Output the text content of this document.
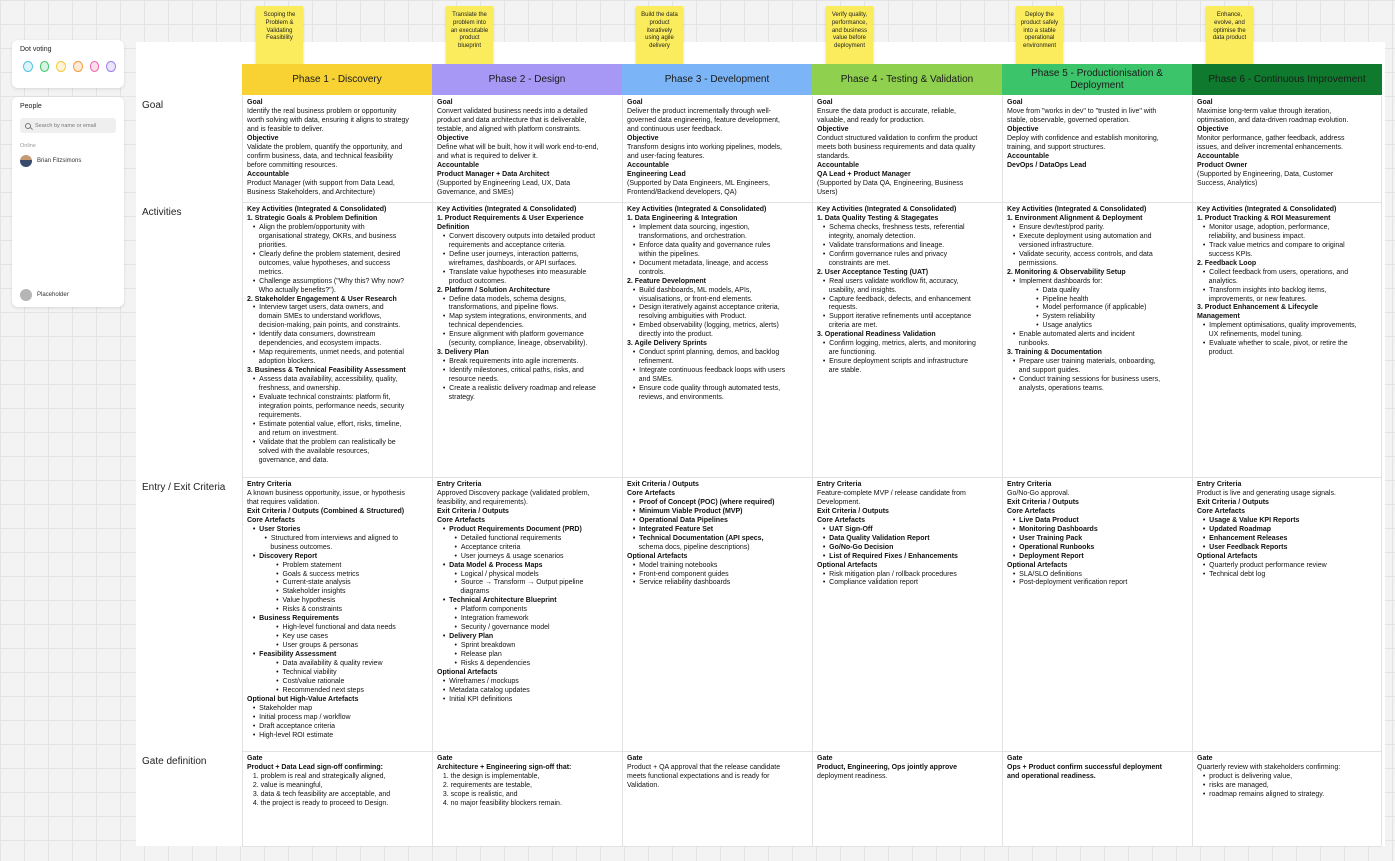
Dot voting
People
Search by name or email
Online
Brian Fitzsimons
Placeholder
Goal
Activities
Entry / Exit Criteria
Gate definition
Scoping the Problem & Validating Feasibility
Phase 1 - Discovery
Goal
Identify the real business problem or opportunity
worth solving with data, ensuring it aligns to strategy
and is feasible to deliver.
Objective
Validate the problem, quantify the opportunity, and
confirm business, data, and technical feasibility
before committing resources.
Accountable
Product Manager (with support from Data Lead,
Business Stakeholders, and Architecture)
Key Activities (Integrated & Consolidated)
1. Strategic Goals & Problem Definition
•  Align the problem/opportunity with
organisational strategy, OKRs, and business
priorities.
•  Clearly define the problem statement, desired
outcomes, value hypotheses, and success
metrics.
•  Challenge assumptions ("Why this? Why now?
Who actually benefits?").
2. Stakeholder Engagement & User Research
•  Interview target users, data owners, and
domain SMEs to understand workflows,
decision-making, pain points, and constraints.
•  Identify data consumers, downstream
dependencies, and ecosystem impacts.
•  Map requirements, unmet needs, and potential
adoption blockers.
3. Business & Technical Feasibility Assessment
•  Assess data availability, accessibility, quality,
freshness, and ownership.
•  Evaluate technical constraints: platform fit,
integration points, performance needs, security
requirements.
•  Estimate potential value, effort, risks, timeline,
and return on investment.
•  Validate that the problem can realistically be
solved with the available resources,
governance, and data.
Entry Criteria
A known business opportunity, issue, or hypothesis
that requires validation.
Exit Criteria / Outputs (Combined & Structured)
Core Artefacts
•  User Stories
•  Structured from interviews and aligned to
business outcomes.
•  Discovery Report
•  Problem statement
•  Goals & success metrics
•  Current-state analysis
•  Stakeholder insights
•  Value hypothesis
•  Risks & constraints
•  Business Requirements
•  High-level functional and data needs
•  Key use cases
•  User groups & personas
•  Feasibility Assessment
•  Data availability & quality review
•  Technical viability
•  Cost/value rationale
•  Recommended next steps
Optional but High-Value Artefacts
•  Stakeholder map
•  Initial process map / workflow
•  Draft acceptance criteria
•  High-level ROI estimate
Gate
Product + Data Lead sign-off confirming:
1. problem is real and strategically aligned,
2. value is meaningful,
3. data & tech feasibility are acceptable, and
4. the project is ready to proceed to Design.
Translate the problem into an executable product blueprint
Phase 2 - Design
Goal
Convert validated business needs into a detailed
product and data architecture that is deliverable,
testable, and aligned with platform constraints.
Objective
Define what will be built, how it will work end-to-end,
and what is required to deliver it.
Accountable
Product Manager + Data Architect
(Supported by Engineering Lead, UX, Data
Governance, and SMEs)
Key Activities (Integrated & Consolidated)
1. Product Requirements & User Experience
Definition
•  Convert discovery outputs into detailed product
requirements and acceptance criteria.
•  Define user journeys, interaction patterns,
wireframes, dashboards, or API surfaces.
•  Translate value hypotheses into measurable
product outcomes.
2. Platform / Solution Architecture
•  Define data models, schema designs,
transformations, and pipeline flows.
•  Map system integrations, environments, and
technical dependencies.
•  Ensure alignment with platform governance
(security, compliance, lineage, observability).
3. Delivery Plan
•  Break requirements into agile increments.
•  Identify milestones, critical paths, risks, and
resource needs.
•  Create a realistic delivery roadmap and release
strategy.
Entry Criteria
Approved Discovery package (validated problem,
feasibility, and requirements).
Exit Criteria / Outputs
Core Artefacts
•  Product Requirements Document (PRD)
•  Detailed functional requirements
•  Acceptance criteria
•  User journeys & usage scenarios
•  Data Model & Process Maps
•  Logical / physical models
•  Source → Transform → Output pipeline
diagrams
•  Technical Architecture Blueprint
•  Platform components
•  Integration framework
•  Security / governance model
•  Delivery Plan
•  Sprint breakdown
•  Release plan
•  Risks & dependencies
Optional Artefacts
•  Wireframes / mockups
•  Metadata catalog updates
•  Initial KPI definitions
Gate
Architecture + Engineering sign-off that:
1. the design is implementable,
2. requirements are testable,
3. scope is realistic, and
4. no major feasibility blockers remain.
Build the data product iteratively using agile delivery
Phase 3 - Development
Goal
Deliver the product incrementally through well-
governed data engineering, feature development,
and continuous user feedback.
Objective
Transform designs into working pipelines, models,
and user-facing features.
Accountable
Engineering Lead
(Supported by Data Engineers, ML Engineers,
Frontend/Backend developers, QA)
Key Activities (Integrated & Consolidated)
1. Data Engineering & Integration
•  Implement data sourcing, ingestion,
transformations, and orchestration.
•  Enforce data quality and governance rules
within the pipelines.
•  Document metadata, lineage, and access
controls.
2. Feature Development
•  Build dashboards, ML models, APIs,
visualisations, or front-end elements.
•  Design iteratively against acceptance criteria,
resolving ambiguities with Product.
•  Embed observability (logging, metrics, alerts)
directly into the product.
3. Agile Delivery Sprints
•  Conduct sprint planning, demos, and backlog
refinement.
•  Integrate continuous feedback loops with users
and SMEs.
•  Ensure code quality through automated tests,
reviews, and environments.
Exit Criteria / Outputs
Core Artefacts
•  Proof of Concept (POC) (where required)
•  Minimum Viable Product (MVP)
•  Operational Data Pipelines
•  Integrated Feature Set
•  Technical Documentation (API specs,
schema docs, pipeline descriptions)
Optional Artefacts
•  Model training notebooks
•  Front-end component guides
•  Service reliability dashboards
Gate
Product + QA approval that the release candidate
meets functional expectations and is ready for
Validation.
Verify quality, performance, and business value before deployment
Phase 4 - Testing & Validation
Goal
Ensure the data product is accurate, reliable,
valuable, and ready for production.
Objective
Conduct structured validation to confirm the product
meets both business requirements and data quality
standards.
Accountable
QA Lead + Product Manager
(Supported by Data QA, Engineering, Business
Users)
Key Activities (Integrated & Consolidated)
1. Data Quality Testing & Stagegates
•  Schema checks, freshness tests, referential
integrity, anomaly detection.
•  Validate transformations and lineage.
•  Confirm governance rules and privacy
constraints are met.
2. User Acceptance Testing (UAT)
•  Real users validate workflow fit, accuracy,
usability, and insights.
•  Capture feedback, defects, and enhancement
requests.
•  Support iterative refinements until acceptance
criteria are met.
3. Operational Readiness Validation
•  Confirm logging, metrics, alerts, and monitoring
are functioning.
•  Ensure deployment scripts and infrastructure
are stable.
Entry Criteria
Feature-complete MVP / release candidate from
Development.
Exit Criteria / Outputs
Core Artefacts
•  UAT Sign-Off
•  Data Quality Validation Report
•  Go/No-Go Decision
•  List of Required Fixes / Enhancements
Optional Artefacts
•  Risk mitigation plan / rollback procedures
•  Compliance validation report
Gate
Product, Engineering, Ops jointly approve
deployment readiness.
Deploy the product safely into a stable operational environment
Phase 5 - Productionisation & Deployment
Goal
Move from "works in dev" to "trusted in live" with
stable, observable, governed operation.
Objective
Deploy with confidence and establish monitoring,
training, and support structures.
Accountable
DevOps / DataOps Lead
Key Activities (Integrated & Consolidated)
1. Environment Alignment & Deployment
•  Ensure dev/test/prod parity.
•  Execute deployment using automation and
versioned infrastructure.
•  Validate security, access controls, and data
permissions.
2. Monitoring & Observability Setup
•  Implement dashboards for:
•  Data quality
•  Pipeline health
•  Model performance (if applicable)
•  System reliability
•  Usage analytics
•  Enable automated alerts and incident
runbooks.
3. Training & Documentation
•  Prepare user training materials, onboarding,
and support guides.
•  Conduct training sessions for business users,
analysts, operations teams.
Entry Criteria
Go/No-Go approval.
Exit Criteria / Outputs
Core Artefacts
•  Live Data Product
•  Monitoring Dashboards
•  User Training Pack
•  Operational Runbooks
•  Deployment Report
Optional Artefacts
•  SLA/SLO definitions
•  Post-deployment verification report
Gate
Ops + Product confirm successful deployment
and operational readiness.
Enhance, evolve, and optimise the data product
Phase 6 - Continuous Improvement
Goal
Maximise long-term value through iteration,
optimisation, and data-driven roadmap evolution.
Objective
Monitor performance, gather feedback, address
issues, and deliver incremental enhancements.
Accountable
Product Owner
(Supported by Engineering, Data, Customer
Success, Analytics)
Key Activities (Integrated & Consolidated)
1. Product Tracking & ROI Measurement
•  Monitor usage, adoption, performance,
reliability, and business impact.
•  Track value metrics and compare to original
success KPIs.
2. Feedback Loop
•  Collect feedback from users, operations, and
analytics.
•  Transform insights into backlog items,
improvements, or new features.
3. Product Enhancement & Lifecycle
Management
•  Implement optimisations, quality improvements,
UX refinements, model tuning.
•  Evaluate whether to scale, pivot, or retire the
product.
Entry Criteria
Product is live and generating usage signals.
Exit Criteria / Outputs
Core Artefacts
•  Usage & Value KPI Reports
•  Updated Roadmap
•  Enhancement Releases
•  User Feedback Reports
Optional Artefacts
•  Quarterly product performance review
•  Technical debt log
Gate
Quarterly review with stakeholders confirming:
•  product is delivering value,
•  risks are managed,
•  roadmap remains aligned to strategy.
